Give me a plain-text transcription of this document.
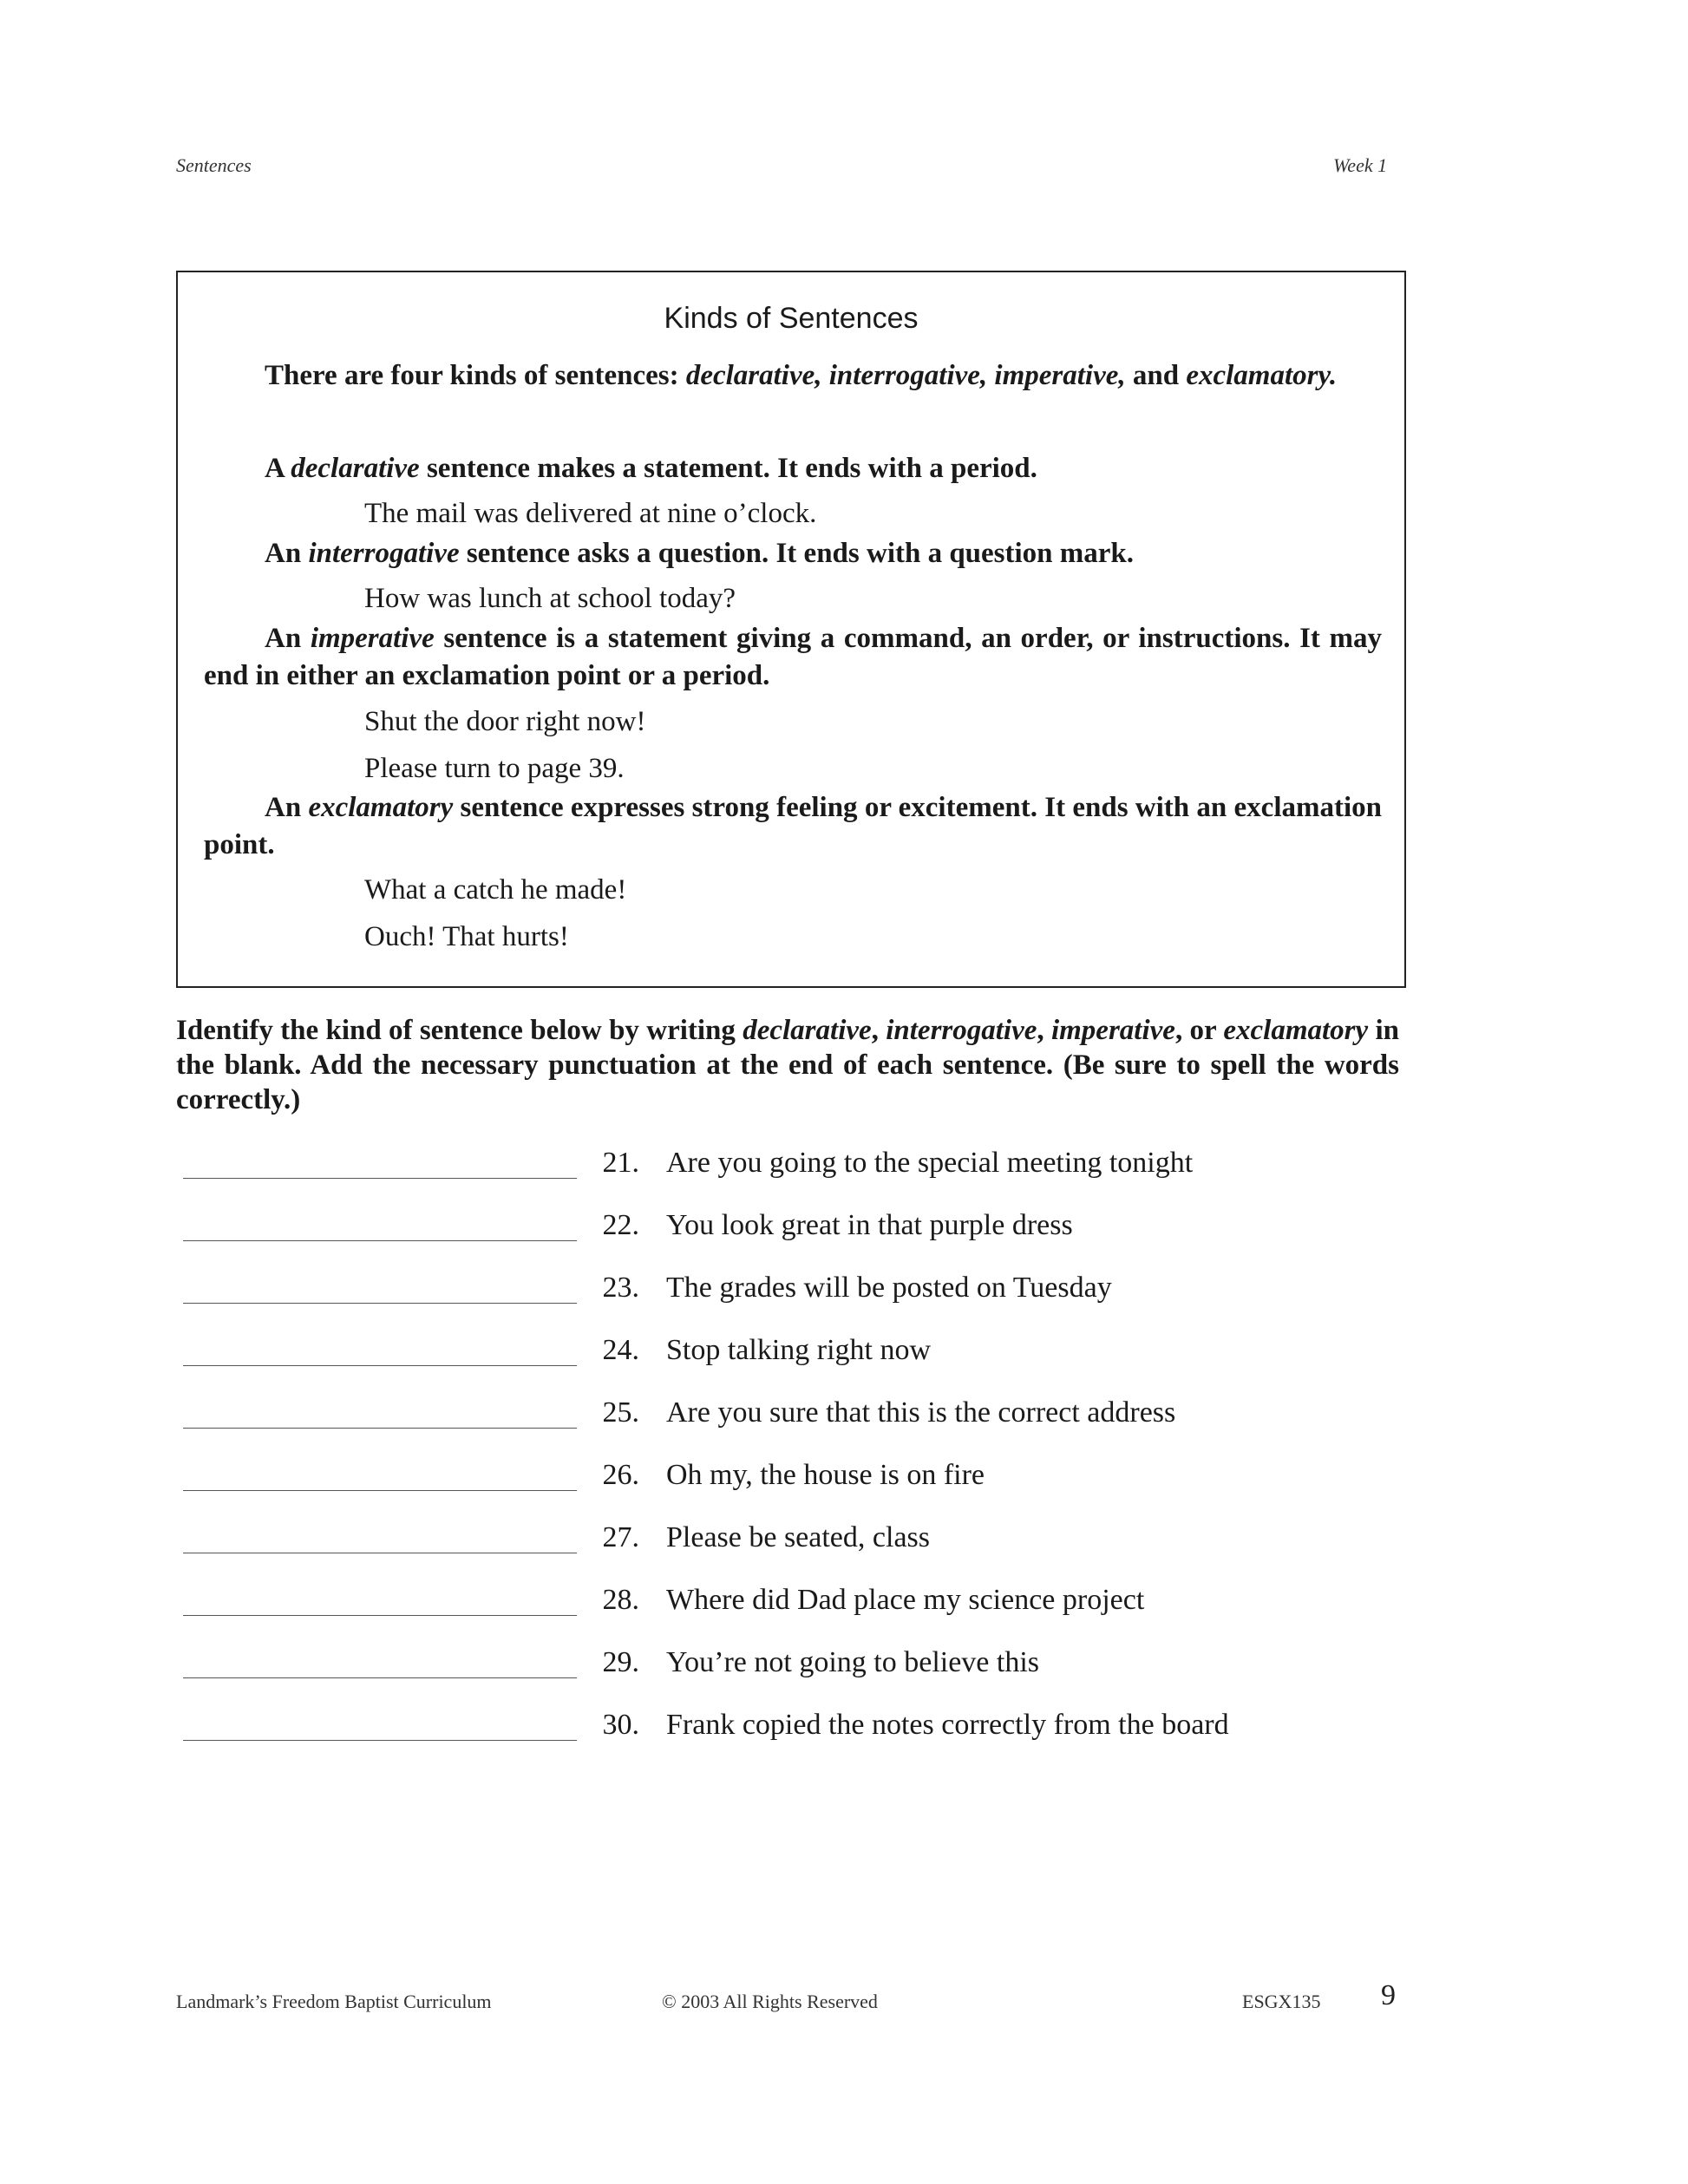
Sentences	Week 1
Kinds of Sentences
There are four kinds of sentences: declarative, interrogative, imperative, and exclamatory.
A declarative sentence makes a statement. It ends with a period.
The mail was delivered at nine o’clock.
An interrogative sentence asks a question. It ends with a question mark.
How was lunch at school today?
An imperative sentence is a statement giving a command, an order, or instructions. It may end in either an exclamation point or a period.
Shut the door right now!
Please turn to page 39.
An exclamatory sentence expresses strong feeling or excitement. It ends with an exclamation point.
What a catch he made!
Ouch! That hurts!
Identify the kind of sentence below by writing declarative, interrogative, imperative, or exclamatory in the blank. Add the necessary punctuation at the end of each sentence. (Be sure to spell the words correctly.)
21. Are you going to the special meeting tonight
22. You look great in that purple dress
23. The grades will be posted on Tuesday
24. Stop talking right now
25. Are you sure that this is the correct address
26. Oh my, the house is on fire
27. Please be seated, class
28. Where did Dad place my science project
29. You’re not going to believe this
30. Frank copied the notes correctly from the board
Landmark’s Freedom Baptist Curriculum	© 2003 All Rights Reserved	ESGX135 9
